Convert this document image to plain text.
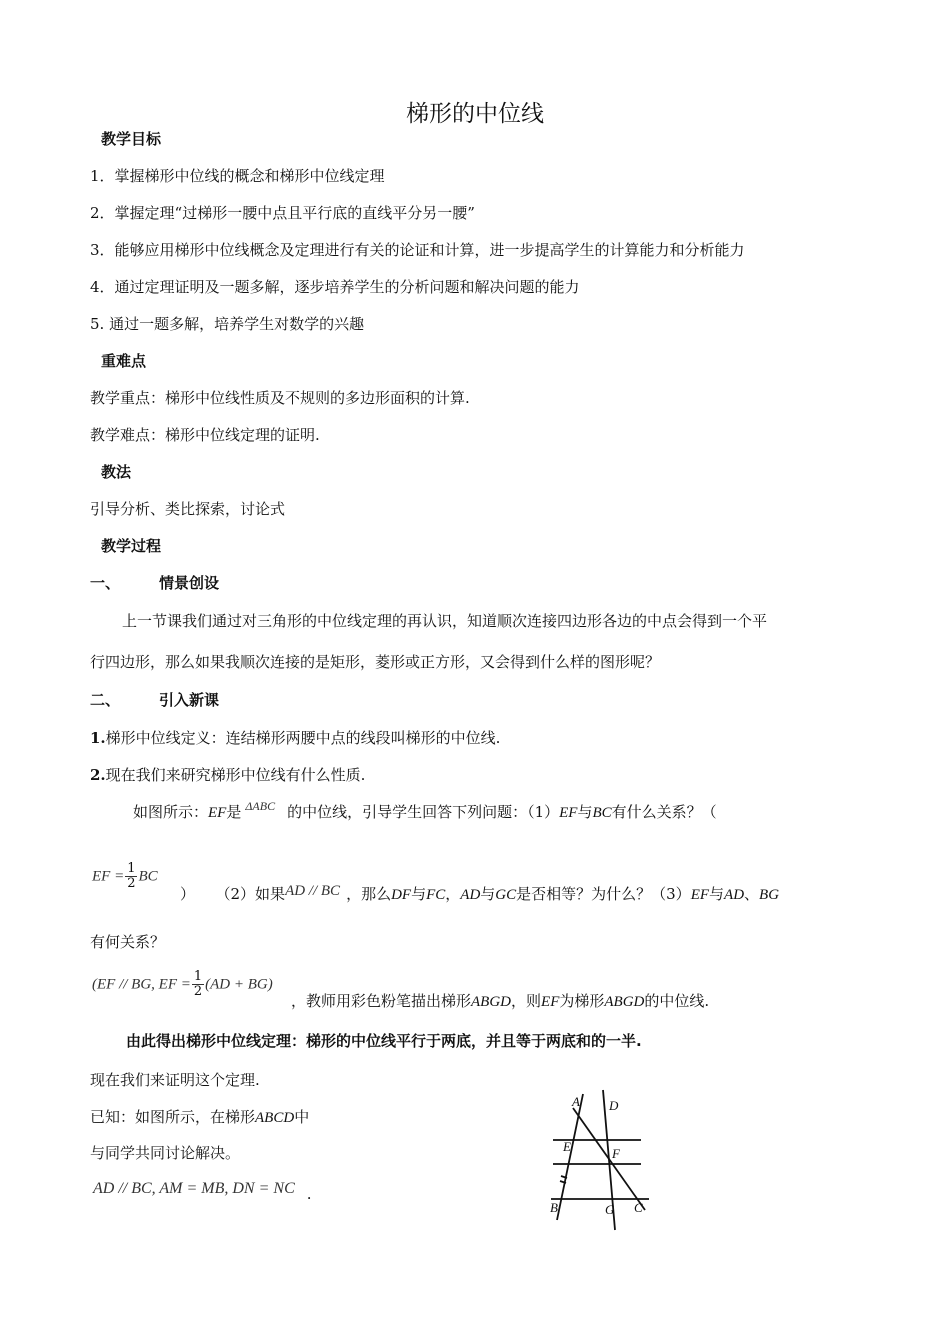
梯形的中位线
教学目标
1．掌握梯形中位线的概念和梯形中位线定理
2．掌握定理“过梯形一腰中点且平行底的直线平分另一腰”
3．能够应用梯形中位线概念及定理进行有关的论证和计算，进一步提高学生的计算能力和分析能力
4．通过定理证明及一题多解，逐步培养学生的分析问题和解决问题的能力
5. 通过一题多解，培养学生对数学的兴趣
重难点
教学重点：梯形中位线性质及不规则的多边形面积的计算.
教学难点：梯形中位线定理的证明.
教法
引导分析、类比探索，讨论式
教学过程
一、	情景创设
上一节课我们通过对三角形的中位线定理的再认识，知道顺次连接四边形各边的中点会得到一个平
行四边形，那么如果我顺次连接的是矩形，菱形或正方形，又会得到什么样的图形呢？
二、	引入新课
1.梯形中位线定义：连结梯形两腰中点的线段叫梯形的中位线.
2.现在我们来研究梯形中位线有什么性质.
如图所示：EF是 $^{\Delta ABC}$ 的中位线，引导学生回答下列问题：（1）EF与BC有什么关系？（
EF = $\frac{1}{2}$ BC
） （2）如果AD // BC ，那么DF与FC，AD与GC是否相等？为什么？（3）EF与AD、BG
有何关系？
(EF // BG, EF = $\frac{1}{2} (AD + BG)$
，教师用彩色粉笔描出梯形ABGD，则EF为梯形ABGD的中位线.
由此得出梯形中位线定理：梯形的中位线平行于两底，并且等于两底和的一半.
现在我们来证明这个定理.
已知：如图所示，在梯形ABCD中
与同学共同讨论解决。
AD // BC, AM = MB, DN = NC .
A D
E	F
B	G C
